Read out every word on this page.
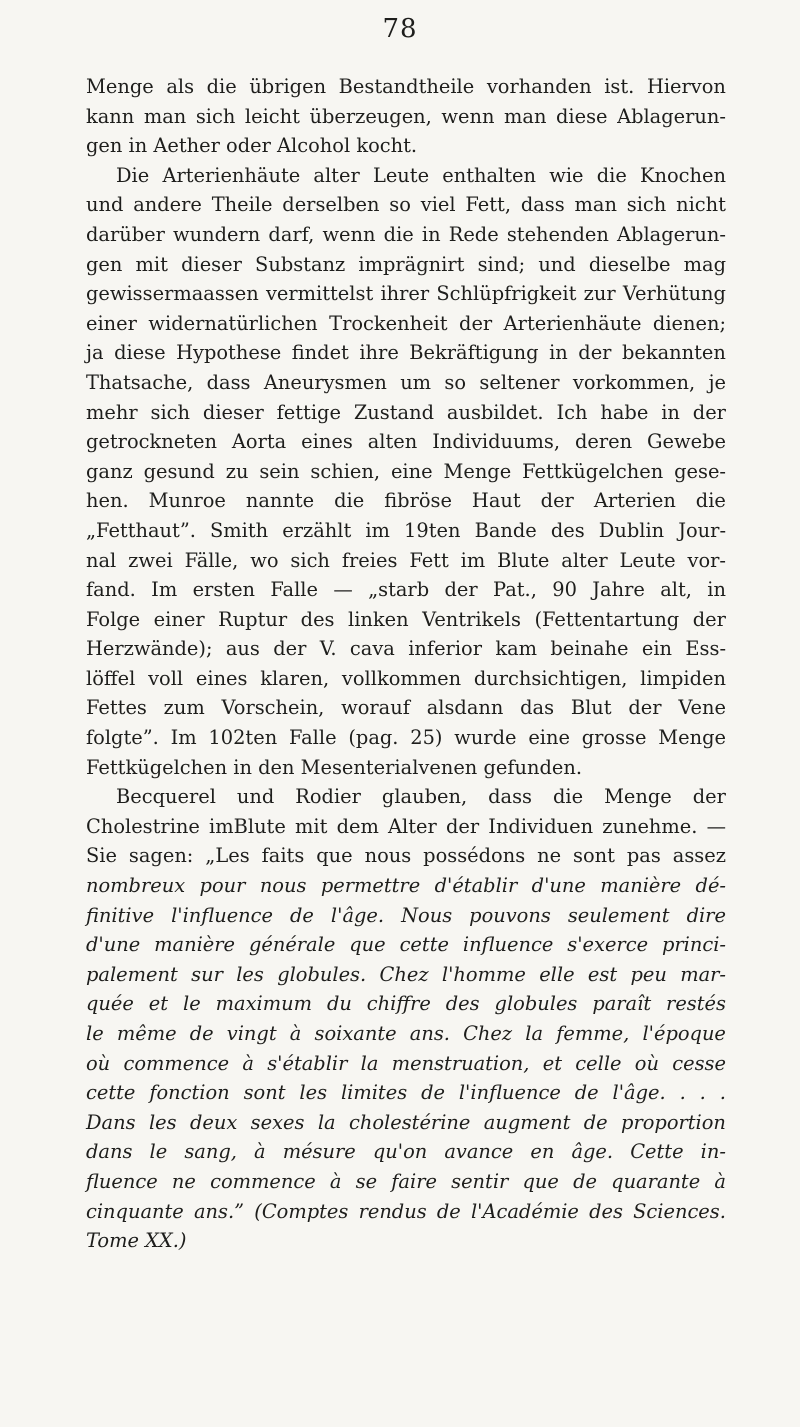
78
Menge als die übrigen Bestandtheile vorhanden ist. Hiervon
kann man sich leicht überzeugen, wenn man diese Ablagerun-
gen in Aether oder Alcohol kocht.
Die Arterienhäute alter Leute enthalten wie die Knochen
und andere Theile derselben so viel Fett, dass man sich nicht
darüber wundern darf, wenn die in Rede stehenden Ablagerun-
gen mit dieser Substanz imprägnirt sind; und dieselbe mag
gewissermaassen vermittelst ihrer Schlüpfrigkeit zur Verhütung
einer widernatürlichen Trockenheit der Arterienhäute dienen;
ja diese Hypothese findet ihre Bekräftigung in der bekannten
Thatsache, dass Aneurysmen um so seltener vorkommen, je
mehr sich dieser fettige Zustand ausbildet. Ich habe in der
getrockneten Aorta eines alten Individuums, deren Gewebe
ganz gesund zu sein schien, eine Menge Fettkügelchen gese-
hen. Munroe nannte die fibröse Haut der Arterien die
„Fetthaut”. Smith erzählt im 19ten Bande des Dublin Jour-
nal zwei Fälle, wo sich freies Fett im Blute alter Leute vor-
fand. Im ersten Falle — „starb der Pat., 90 Jahre alt, in
Folge einer Ruptur des linken Ventrikels (Fettentartung der
Herzwände); aus der V. cava inferior kam beinahe ein Ess-
löffel voll eines klaren, vollkommen durchsichtigen, limpiden
Fettes zum Vorschein, worauf alsdann das Blut der Vene
folgte”. Im 102ten Falle (pag. 25) wurde eine grosse Menge
Fettkügelchen in den Mesenterialvenen gefunden.
Becquerel und Rodier glauben, dass die Menge der
Cholestrine imBlute mit dem Alter der Individuen zunehme. —
Sie sagen: „Les faits que nous possédons ne sont pas assez
nombreux pour nous permettre d'établir d'une manière dé-
finitive l'influence de l'âge. Nous pouvons seulement dire
d'une manière générale que cette influence s'exerce princi-
palement sur les globules. Chez l'homme elle est peu mar-
quée et le maximum du chiffre des globules paraît restés
le même de vingt à soixante ans. Chez la femme, l'époque
où commence à s'établir la menstruation, et celle où cesse
cette fonction sont les limites de l'influence de l'âge. . . .
Dans les deux sexes la cholestérine augment de proportion
dans le sang, à mésure qu'on avance en âge. Cette in-
fluence ne commence à se faire sentir que de quarante à
cinquante ans.” (Comptes rendus de l'Académie des Sciences.
Tome XX.)
